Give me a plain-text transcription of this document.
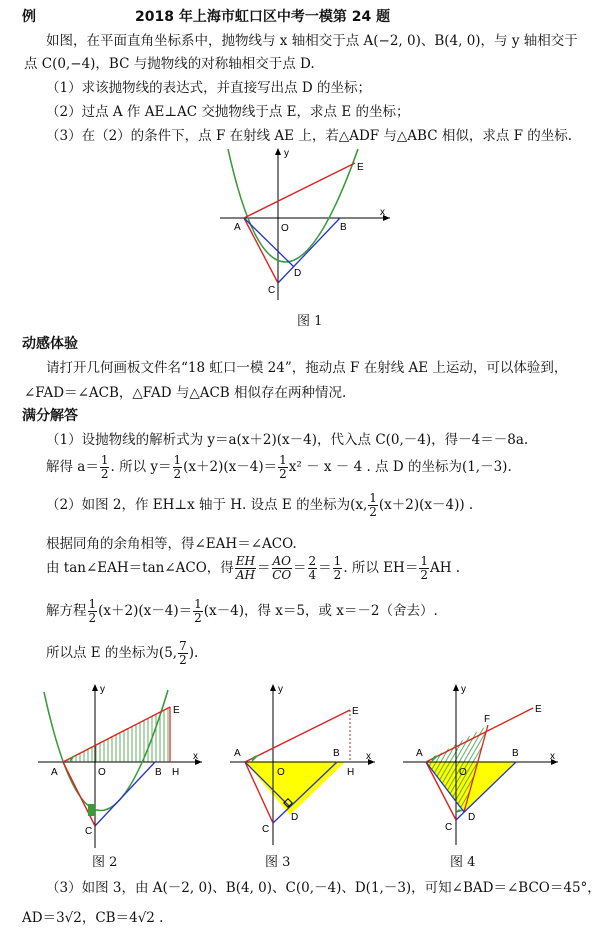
例	2018 年上海市虹口区中考一模第 24 题
如图，在平面直角坐标系中，抛物线与 x 轴相交于点 A(−2, 0)、B(4, 0)，与 y 轴相交于
点 C(0,−4)，BC 与抛物线的对称轴相交于点 D.
（1）求该抛物线的表达式，并直接写出点 D 的坐标；
（2）过点 A 作 AE⊥AC 交抛物线于点 E，求点 E 的坐标；
（3）在（2）的条件下，点 F 在射线 AE 上，若△ADF 与△ABC 相似，求点 F 的坐标.
y
x
A	B
C
D
E
O
图 1
动感体验
请打开几何画板文件名“18 虹口一模 24”，拖动点 F 在射线 AE 上运动，可以体验到，
∠FAD＝∠ACB，△FAD 与△ACB 相似存在两种情况.
满分解答
（1）设抛物线的解析式为 y＝a(x＋2)(x－4)，代入点 C(0,－4)，得－4＝－8a.
解得 $a= \frac{1}{2}$ . 所以 $y= \frac{1}{2} (x+2)(x-4)= \frac{1}{2} x^2 - x - 4$ . 点 D 的坐标为(1,－3).
（2）如图 2，作 EH⊥x 轴于 H. 设点 E 的坐标为(x, $\frac{1}{2} (x+2)(x-4)$) .
根据同角的余角相等，得∠EAH＝∠ACO.
由 tan∠EAH＝tan∠ACO，得 $\frac{EH}{AH} = \frac{AO}{CO} = \frac{2}{4} = \frac{1}{2}$ . 所以 $EH= \frac{1}{2}$ AH .
解方程 $\frac{1}{2} (x+2)(x-4)= \frac{1}{2} (x-4)$，得 x＝5，或 x＝－2（舍去）.
所以点 E 的坐标为(5, $\frac{7}{2}$ ).
y
x
A	B H
C
E
O
图 2
y
x
A	B
H
C
D
E
O
图 3
y
x
A	B
C
D
E
F
O
图 4
（3）如图 3，由 A(－2, 0)、B(4, 0)、C(0,－4)、D(1,－3)，可知∠BAD＝∠BCO＝45°，
AD＝3√2，CB＝4√2 .
